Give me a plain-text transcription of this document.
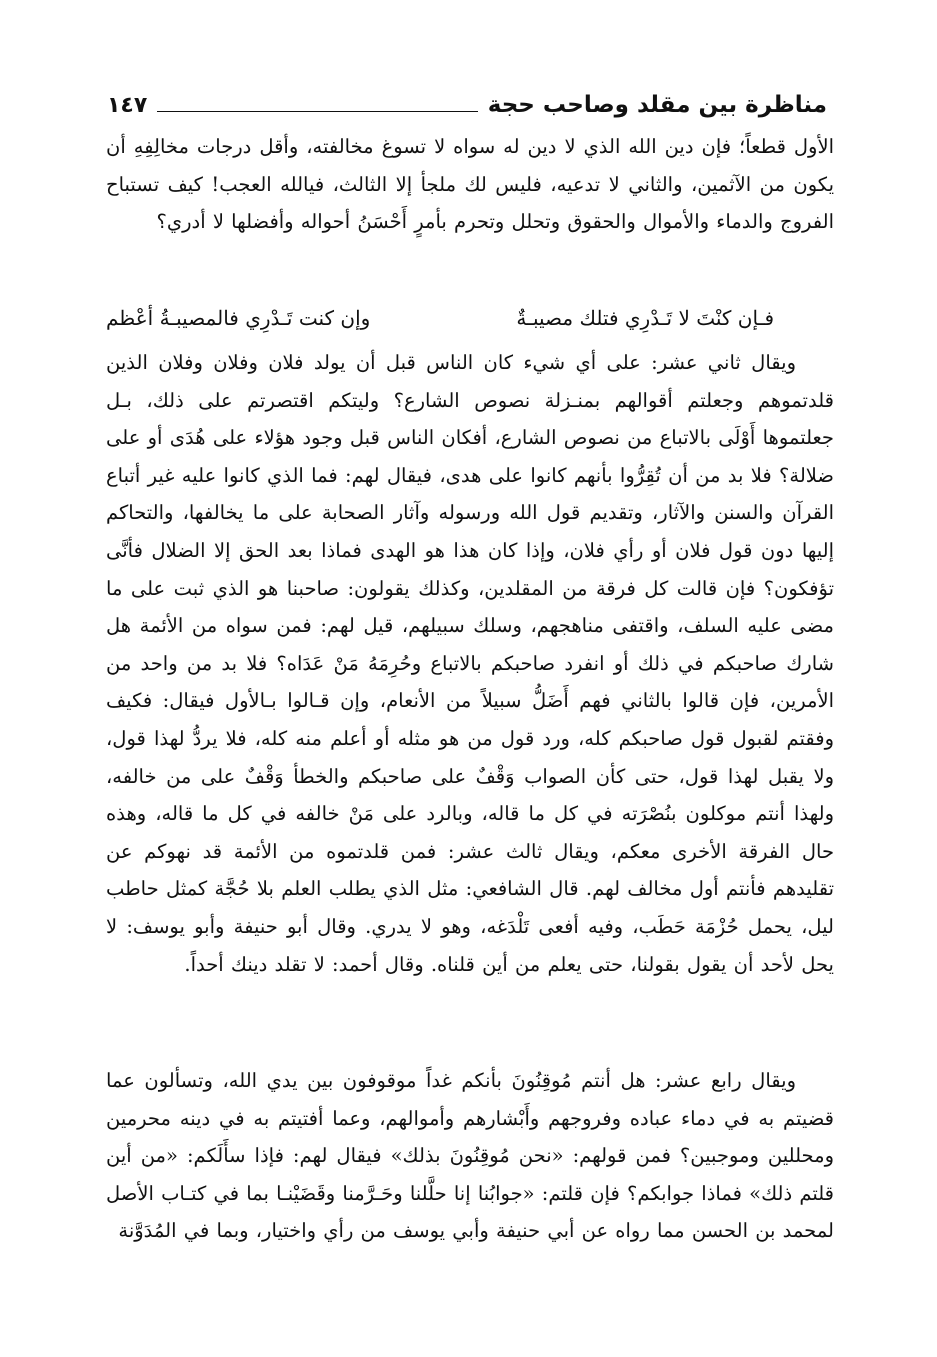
مناظرة بين مقلد وصاحب حجة
١٤٧

الأول قطعاً؛ فإن دين الله الذي لا دين له سواه لا تسوغ مخالفته، وأقل درجات مخالِفِهِ أن يكون من الآثمين، والثاني لا تدعيه، فليس لك ملجأ إلا الثالث، فيالله العجب! كيف تستباح الفروج والدماء والأموال والحقوق وتحلل وتحرم بأمرٍ أَحْسَنُ أحواله وأفضلها لا أدري؟

فـإن كنْتَ لا تَـدْرِي فتلك مصيبـةٌ
وإن كنت تَـدْرِي فالمصيبـةُ أعْظم

ويقال ثاني عشر: على أي شيء كان الناس قبل أن يولد فلان وفلان وفلان الذين قلدتموهم وجعلتم أقوالهم بمنـزلة نصوص الشارع؟ وليتكم اقتصرتم على ذلك، بـل جعلتموها أَوْلَى بالاتباع من نصوص الشارع، أفكان الناس قبل وجود هؤلاء على هُدَى أو على ضلالة؟ فلا بد من أن تُقِرُّوا بأنهم كانوا على هدى، فيقال لهم: فما الذي كانوا عليه غير أتباع القرآن والسنن والآثار، وتقديم قول الله ورسوله وآثار الصحابة على ما يخالفها، والتحاكم إليها دون قول فلان أو رأي فلان، وإذا كان هذا هو الهدى فماذا بعد الحق إلا الضلال فأنَّى تؤفكون؟ فإن قالت كل فرقة من المقلدين، وكذلك يقولون: صاحبنا هو الذي ثبت على ما مضى عليه السلف، واقتفى مناهجهم، وسلك سبيلهم، قيل لهم: فمن سواه من الأئمة هل شارك صاحبكم في ذلك أو انفرد صاحبكم بالاتباع وحُرِمَهُ مَنْ عَدَاه؟ فلا بد من واحد من الأمرين، فإن قالوا بالثاني فهم أَضَلُّ سبيلاً من الأنعام، وإن قـالوا بـالأول فيقال: فكيف وفقتم لقبول قول صاحبكم كله، ورد قول من هو مثله أو أعلم منه كله، فلا يردُّ لهذا قول، ولا يقبل لهذا قول، حتى كأن الصواب وَقْفٌ على صاحبكم والخطأ وَقْفٌ على من خالفه، ولهذا أنتم موكلون بنُصْرَته في كل ما قاله، وبالرد على مَنْ خالفه في كل ما قاله، وهذه حال الفرقة الأخرى معكم، ويقال ثالث عشر: فمن قلدتموه من الأئمة قد نهوكم عن تقليدهم فأنتم أول مخالف لهم. قال الشافعي: مثل الذي يطلب العلم بلا حُجَّة كمثل حاطب ليل، يحمل حُزْمَة حَطَب، وفيه أفعى تَلْدَغه، وهو لا يدري. وقال أبو حنيفة وأبو يوسف: لا يحل لأحد أن يقول بقولنا، حتى يعلم من أين قلناه. وقال أحمد: لا تقلد دينك أحداً.

ويقال رابع عشر: هل أنتم مُوقِنُونَ بأنكم غداً موقوفون بين يدي الله، وتسألون عما قضيتم به في دماء عباده وفروجهم وأَبْشارهم وأموالهم، وعما أفتيتم به في دينه محرمين ومحللين وموجبين؟ فمن قولهم: «نحن مُوقِنُونَ بذلك» فيقال لهم: فإذا سأَلَكم: «من أين قلتم ذلك» فماذا جوابكم؟ فإن قلتم: «جوابُنا إنا حلَّلنا وحَـرَّمنا وقَضَيْنـا بما في كتـاب الأصل لمحمد بن الحسن مما رواه عن أبي حنيفة وأبي يوسف من رأي واختيار، وبما في المُدَوَّنة
